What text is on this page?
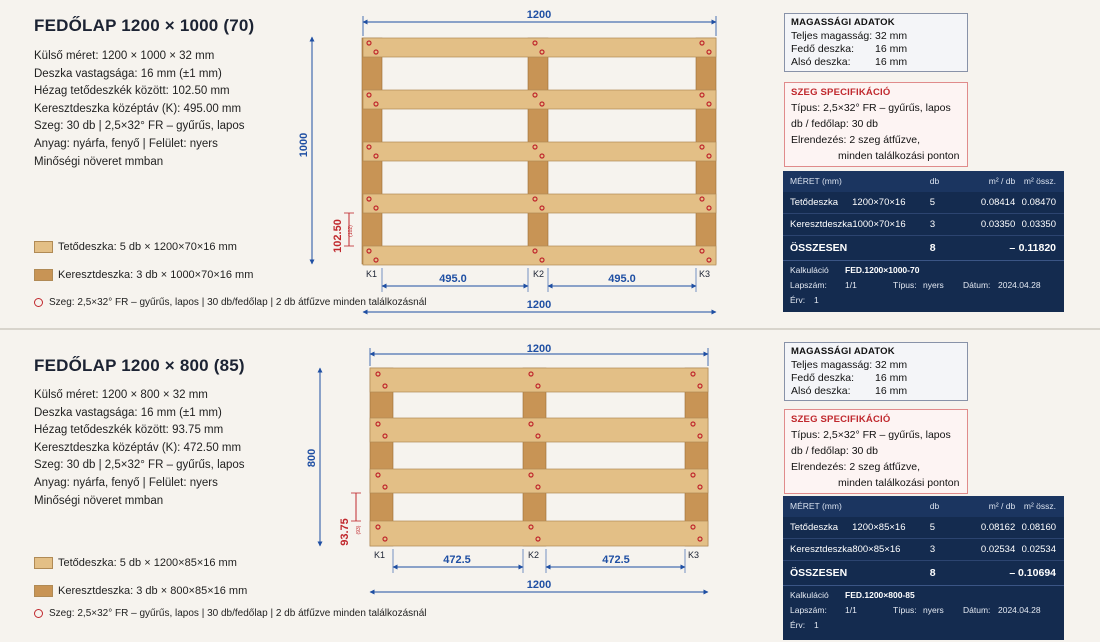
FEDŐLAP 1200 × 1000 (70)
Külső méret: 1200 × 1000 × 32 mm
Deszka vastagsága: 16 mm (±1 mm)
Hézag tetődeszkék között: 102.50 mm
Keresztdeszka középtáv (K): 495.00 mm
Szeg: 30 db | 2,5×32° FR – gyűrűs, lapos
Anyag: nyárfa, fenyő | Felület: nyers
Minőségi növeret mmban
Tetődeszka: 5 db × 1200×70×16 mm
Keresztdeszka: 3 db × 1000×70×16 mm
Szeg: 2,5×32° FR – gyűrűs, lapos | 30 db/fedőlap | 2 db átfűzve minden találkozásnál
1200
1000
102.50 (102)
K1	K2	K3
495.0	495.0
1200
MAGASSÁGI ADATOK
Teljes magasság: 32 mm
Fedő deszka:	16 mm
Alsó deszka:	16 mm
SZEG SPECIFIKÁCIÓ
Típus: 2,5×32° FR – gyűrűs, lapos
db / fedőlap: 30 db
Elrendezés: 2 szeg átfűzve,
minden találkozási ponton
MÉRET (mm)	db	m² / db	m² össz.
Tetődeszka	1200×70×16	5	0.08414 0.08470
Keresztdeszka 1000×70×16	3	0.03350 0.03350
ÖSSZESEN	8	– 0.11820
Kalkuláció	FED.1200×1000-70
Lapszám:	1/1	Típus: nyers	Dátum: 2024.04.28
Érv:	1
FEDŐLAP 1200 × 800 (85)
Külső méret: 1200 × 800 × 32 mm
Deszka vastagsága: 16 mm (±1 mm)
Hézag tetődeszkék között: 93.75 mm
Keresztdeszka középtáv (K): 472.50 mm
Szeg: 30 db | 2,5×32° FR – gyűrűs, lapos
Anyag: nyárfa, fenyő | Felület: nyers
Minőségi növeret mmban
Tetődeszka: 5 db × 1200×85×16 mm
Keresztdeszka: 3 db × 800×85×16 mm
Szeg: 2,5×32° FR – gyűrűs, lapos | 30 db/fedőlap | 2 db átfűzve minden találkozásnál
1200
800
93.75 (93)
K1	K2	K3
472.5	472.5
1200
MAGASSÁGI ADATOK
Teljes magasság: 32 mm
Fedő deszka:	16 mm
Alsó deszka:	16 mm
SZEG SPECIFIKÁCIÓ
Típus: 2,5×32° FR – gyűrűs, lapos
db / fedőlap: 30 db
Elrendezés: 2 szeg átfűzve,
minden találkozási ponton
MÉRET (mm)	db	m² / db	m² össz.
Tetődeszka	1200×85×16	5	0.08162 0.08160
Keresztdeszka 800×85×16	3	0.02534 0.02534
ÖSSZESEN	8	– 0.10694
Kalkuláció	FED.1200×800-85
Lapszám:	1/1	Típus: nyers	Dátum: 2024.04.28
Érv:	1
